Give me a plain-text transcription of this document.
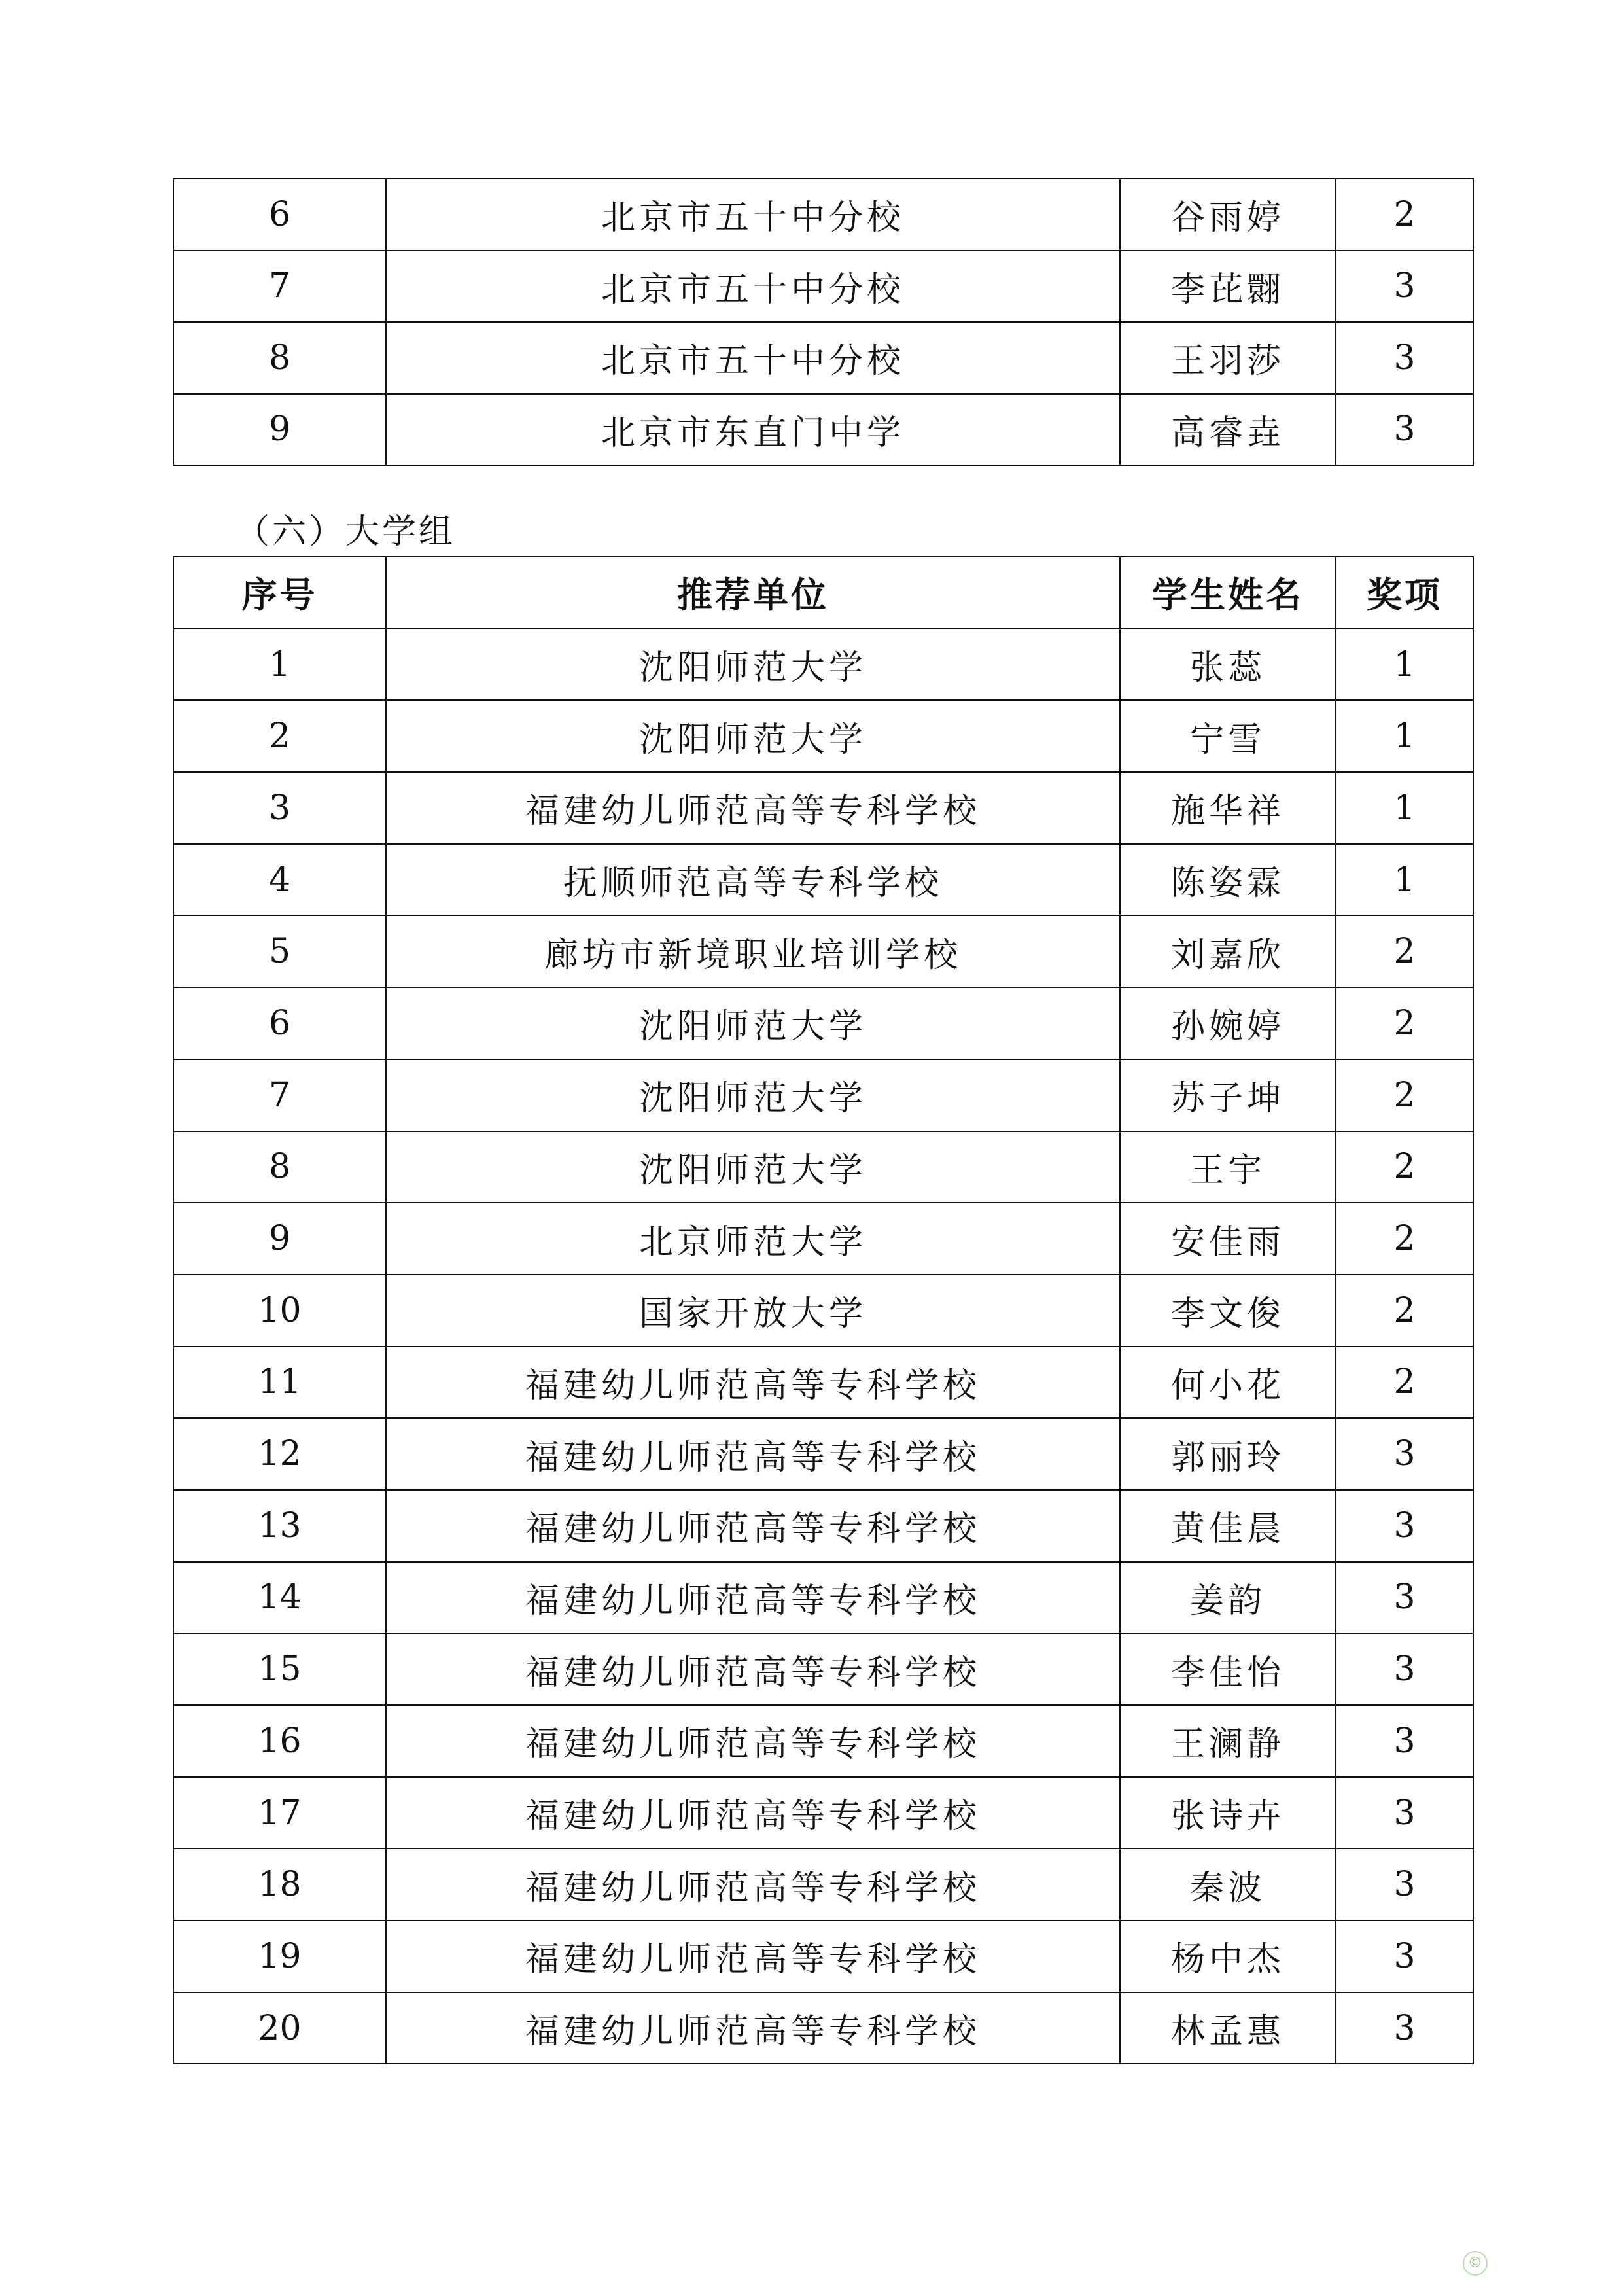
6	北京市五十中分校	谷雨婷	2
7	北京市五十中分校	李芘翾	3
8	北京市五十中分校	王羽莎	3
9	北京市东直门中学	高睿垚	3
（六）大学组
序号	推荐单位	学生姓名	奖项
1	沈阳师范大学	张蕊	1
2	沈阳师范大学	宁雪	1
3	福建幼儿师范高等专科学校	施华祥	1
4	抚顺师范高等专科学校	陈姿霖	1
5	廊坊市新境职业培训学校	刘嘉欣	2
6	沈阳师范大学	孙婉婷	2
7	沈阳师范大学	苏子坤	2
8	沈阳师范大学	王宇	2
9	北京师范大学	安佳雨	2
10	国家开放大学	李文俊	2
11	福建幼儿师范高等专科学校	何小花	2
12	福建幼儿师范高等专科学校	郭丽玲	3
13	福建幼儿师范高等专科学校	黄佳晨	3
14	福建幼儿师范高等专科学校	姜韵	3
15	福建幼儿师范高等专科学校	李佳怡	3
16	福建幼儿师范高等专科学校	王澜静	3
17	福建幼儿师范高等专科学校	张诗卉	3
18	福建幼儿师范高等专科学校	秦波	3
19	福建幼儿师范高等专科学校	杨中杰	3
20	福建幼儿师范高等专科学校	林孟惠	3
©
